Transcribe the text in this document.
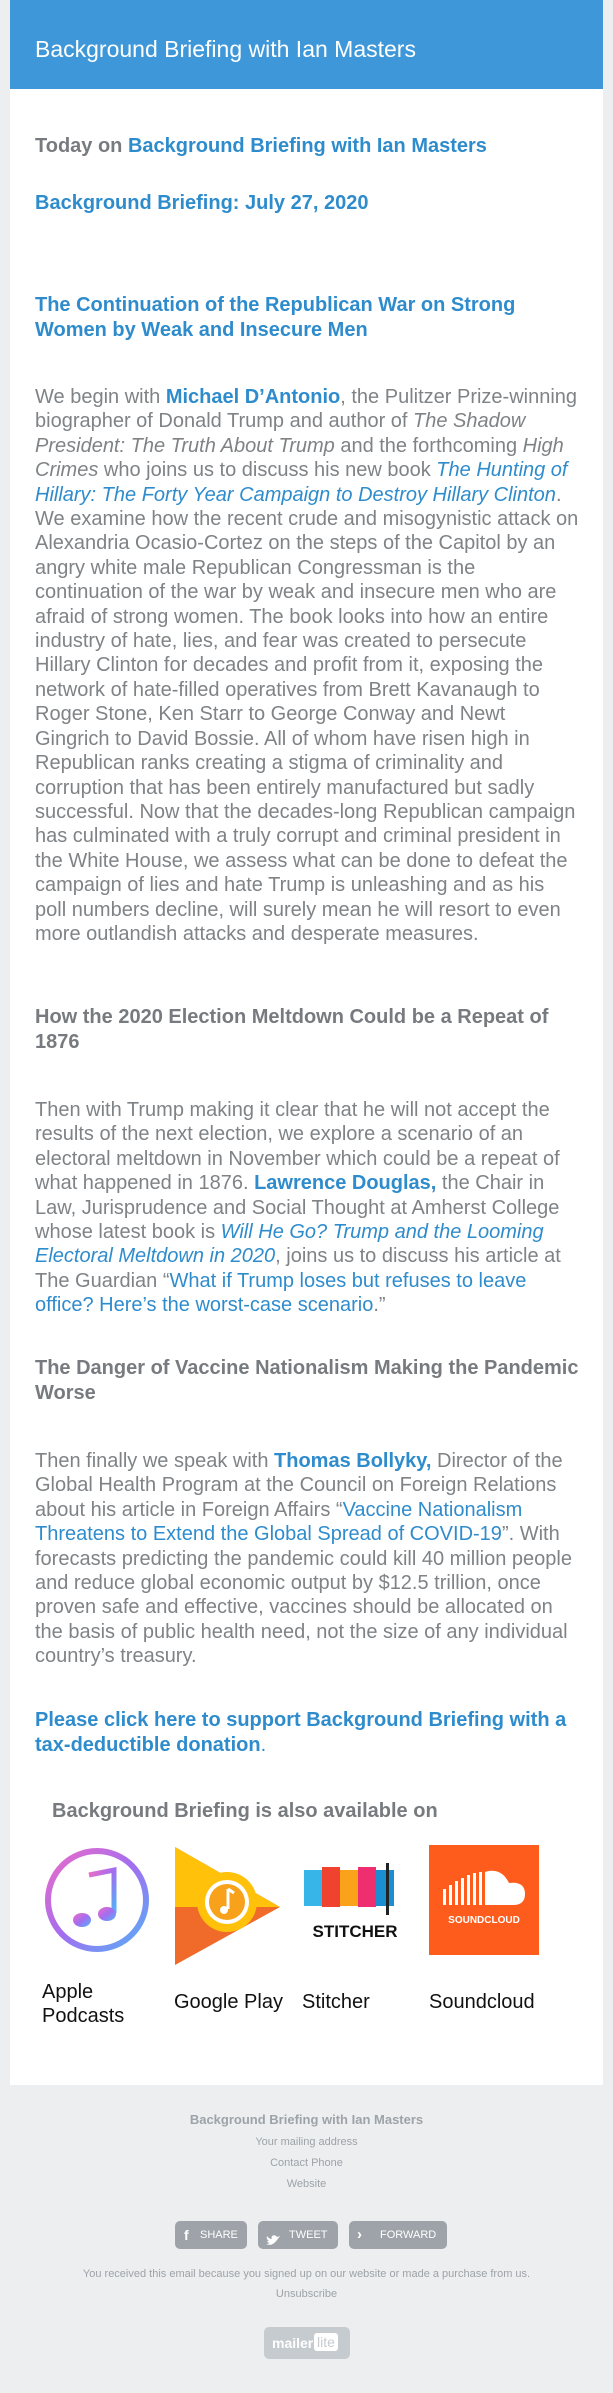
Background Briefing with Ian Masters
Today on Background Briefing with Ian Masters
Background Briefing: July 27, 2020
The Continuation of the Republican War on Strong Women by Weak and Insecure Men
We begin with Michael D’Antonio, the Pulitzer Prize-winning biographer of Donald Trump and author of The Shadow President: The Truth About Trump and the forthcoming High Crimes who joins us to discuss his new book The Hunting of Hillary: The Forty Year Campaign to Destroy Hillary Clinton. We examine how the recent crude and misogynistic attack on Alexandria Ocasio-Cortez on the steps of the Capitol by an angry white male Republican Congressman is the continuation of the war by weak and insecure men who are afraid of strong women. The book looks into how an entire industry of hate, lies, and fear was created to persecute Hillary Clinton for decades and profit from it, exposing the network of hate-filled operatives from Brett Kavanaugh to Roger Stone, Ken Starr to George Conway and Newt Gingrich to David Bossie. All of whom have risen high in Republican ranks creating a stigma of criminality and corruption that has been entirely manufactured but sadly successful. Now that the decades-long Republican campaign has culminated with a truly corrupt and criminal president in the White House, we assess what can be done to defeat the campaign of lies and hate Trump is unleashing and as his poll numbers decline, will surely mean he will resort to even more outlandish attacks and desperate measures.
How the 2020 Election Meltdown Could be a Repeat of 1876
Then with Trump making it clear that he will not accept the results of the next election, we explore a scenario of an electoral meltdown in November which could be a repeat of what happened in 1876. Lawrence Douglas, the Chair in Law, Jurisprudence and Social Thought at Amherst College whose latest book is Will He Go? Trump and the Looming Electoral Meltdown in 2020, joins us to discuss his article at The Guardian “What if Trump loses but refuses to leave office? Here’s the worst-case scenario.”
The Danger of Vaccine Nationalism Making the Pandemic Worse
Then finally we speak with Thomas Bollyky, Director of the Global Health Program at the Council on Foreign Relations about his article in Foreign Affairs “Vaccine Nationalism Threatens to Extend the Global Spread of COVID-19”. With forecasts predicting the pandemic could kill 40 million people and reduce global economic output by $12.5 trillion, once proven safe and effective, vaccines should be allocated on the basis of public health need, not the size of any individual country’s treasury.
Please click here to support Background Briefing with a tax-deductible donation.
Background Briefing is also available on
Apple Podcasts
Google Play
STITCHER
Stitcher
SOUNDCLOUD
Soundcloud
Background Briefing with Ian Masters
Your mailing address
Contact Phone
Website
f SHARE	TWEET › FORWARD
You received this email because you signed up on our website or made a purchase from us.
Unsubscribe
mailer lite
